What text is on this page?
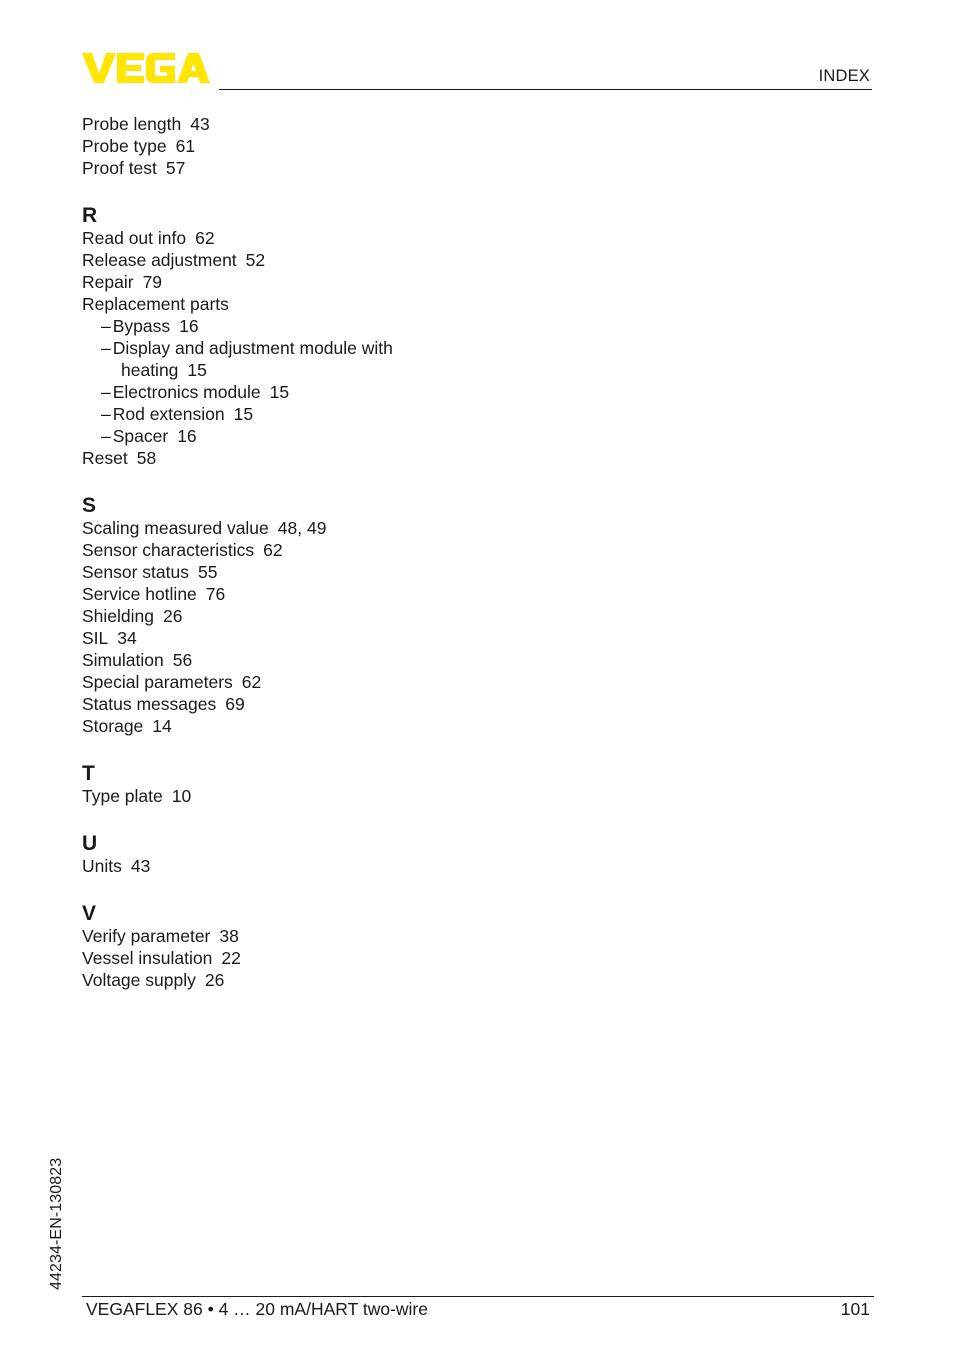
INDEX
Probe length 43
Probe type 61
Proof test 57
R
Read out info 62
Release adjustment 52
Repair 79
Replacement parts
– Bypass 16
– Display and adjustment module with
heating 15
– Electronics module 15
– Rod extension 15
– Spacer 16
Reset 58
S
Scaling measured value 48, 49
Sensor characteristics 62
Sensor status 55
Service hotline 76
Shielding 26
SIL 34
Simulation 56
Special parameters 62
Status messages 69
Storage 14
T
Type plate 10
U
Units 43
V
Verify parameter 38
Vessel insulation 22
Voltage supply 26
44234-EN-130823
VEGAFLEX 86 • 4 … 20 mA/HART two-wire	101
